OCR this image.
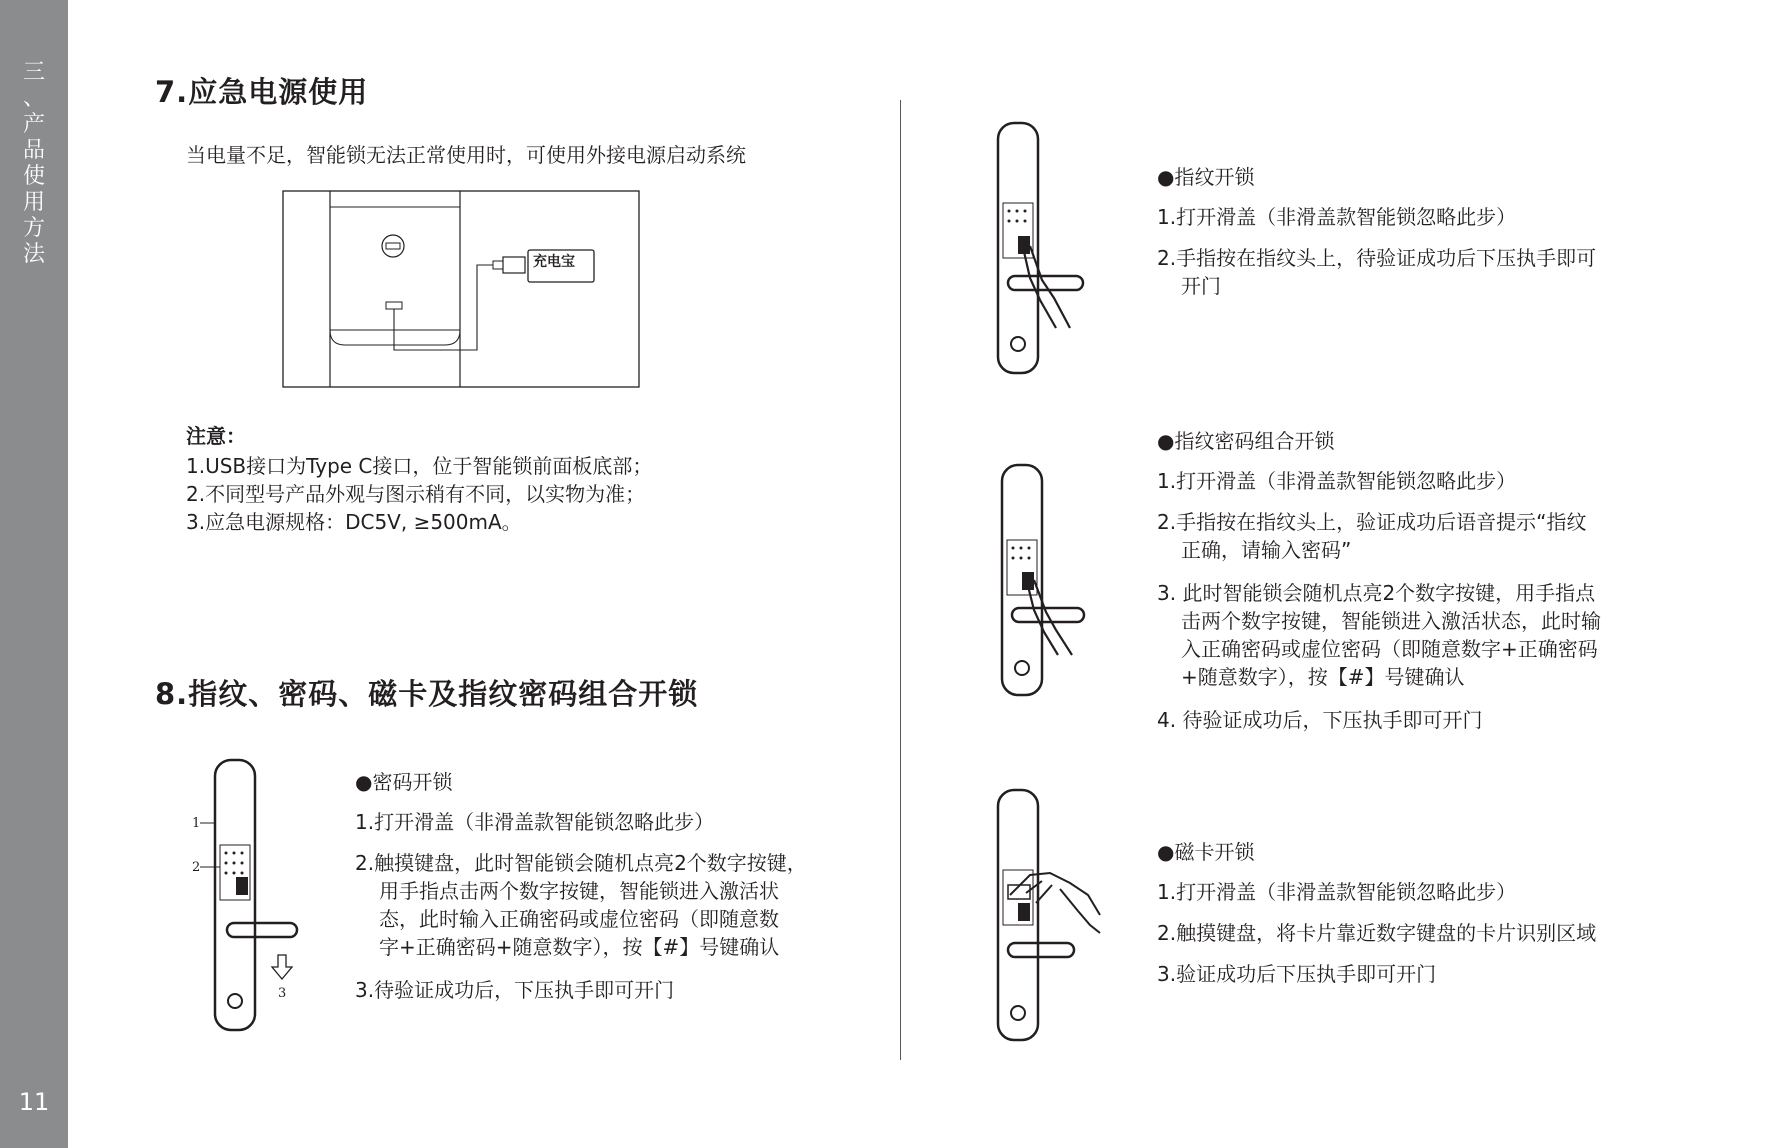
三
、
产
品
使
用
方
法
11
7.应急电源使用
当电量不足，智能锁无法正常使用时，可使用外接电源启动系统
充电宝
注意：
1.USB接口为Type C接口，位于智能锁前面板底部；
2.不同型号产品外观与图示稍有不同，以实物为准；
3.应急电源规格：DC5V, ≥500mA。
8.指纹、密码、磁卡及指纹密码组合开锁
1
2
3
●密码开锁
1.打开滑盖（非滑盖款智能锁忽略此步）
2.触摸键盘，此时智能锁会随机点亮2个数字按键，
用手指点击两个数字按键，智能锁进入激活状
态，此时输入正确密码或虚位密码（即随意数
字+正确密码+随意数字），按【#】号键确认
3.待验证成功后，下压执手即可开门
●指纹开锁
1.打开滑盖（非滑盖款智能锁忽略此步）
2.手指按在指纹头上，待验证成功后下压执手即可
开门
●指纹密码组合开锁
1.打开滑盖（非滑盖款智能锁忽略此步）
2.手指按在指纹头上，验证成功后语音提示“指纹
正确，请输入密码”
3. 此时智能锁会随机点亮2个数字按键，用手指点
击两个数字按键，智能锁进入激活状态，此时输
入正确密码或虚位密码（即随意数字+正确密码
+随意数字），按【#】号键确认
4. 待验证成功后，下压执手即可开门
●磁卡开锁
1.打开滑盖（非滑盖款智能锁忽略此步）
2.触摸键盘，将卡片靠近数字键盘的卡片识别区域
3.验证成功后下压执手即可开门
